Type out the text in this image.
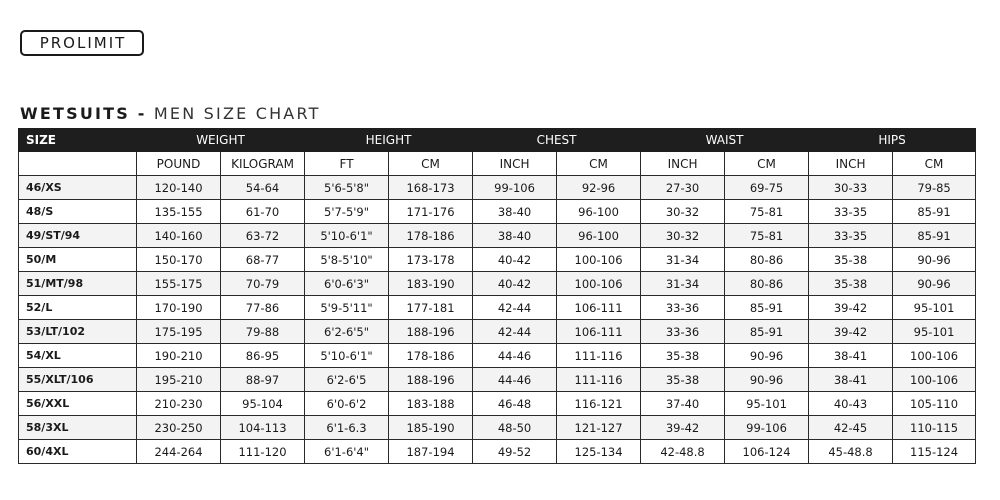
PROLIMIT
WETSUITS - MEN SIZE CHART
SIZE	WEIGHT		HEIGHT		CHEST		WAIST		HIPS	
	POUND	KILOGRAM	FT	CM	INCH	CM	INCH	CM	INCH	CM
46/XS	120-140	54-64	5'6-5'8"	168-173	99-106	92-96	27-30	69-75	30-33	79-85
48/S	135-155	61-70	5'7-5'9"	171-176	38-40	96-100	30-32	75-81	33-35	85-91
49/ST/94	140-160	63-72	5'10-6'1"	178-186	38-40	96-100	30-32	75-81	33-35	85-91
50/M	150-170	68-77	5'8-5'10"	173-178	40-42	100-106	31-34	80-86	35-38	90-96
51/MT/98	155-175	70-79	6'0-6'3"	183-190	40-42	100-106	31-34	80-86	35-38	90-96
52/L	170-190	77-86	5'9-5'11"	177-181	42-44	106-111	33-36	85-91	39-42	95-101
53/LT/102	175-195	79-88	6'2-6'5"	188-196	42-44	106-111	33-36	85-91	39-42	95-101
54/XL	190-210	86-95	5'10-6'1"	178-186	44-46	111-116	35-38	90-96	38-41	100-106
55/XLT/106	195-210	88-97	6'2-6'5	188-196	44-46	111-116	35-38	90-96	38-41	100-106
56/XXL	210-230	95-104	6'0-6'2	183-188	46-48	116-121	37-40	95-101	40-43	105-110
58/3XL	230-250	104-113	6'1-6.3	185-190	48-50	121-127	39-42	99-106	42-45	110-115
60/4XL	244-264	111-120	6'1-6'4"	187-194	49-52	125-134	42-48.8	106-124	45-48.8	115-124
